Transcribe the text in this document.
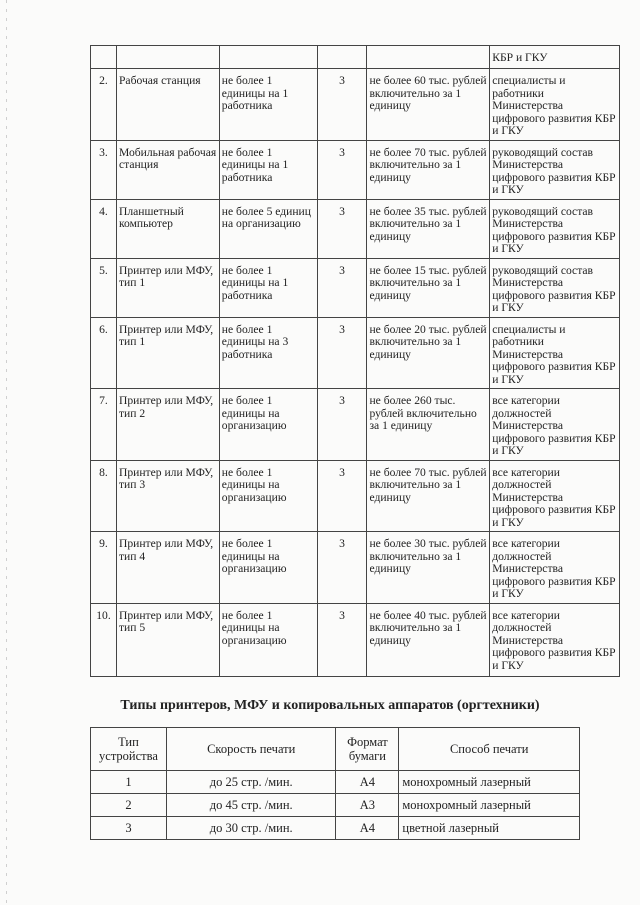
					КБР и ГКУ
2.	Рабочая станция	не более 1 единицы на 1 работника	3	не более 60 тыс. рублей включительно за 1 единицу	специалисты и работники Министерства цифрового развития КБР и ГКУ
3.	Мобильная рабочая станция	не более 1 единицы на 1 работника	3	не более 70 тыс. рублей включительно за 1 единицу	руководящий состав Министерства цифрового развития КБР и ГКУ
4.	Планшетный компьютер	не более 5 единиц на организацию	3	не более 35 тыс. рублей включительно за 1 единицу	руководящий состав Министерства цифрового развития КБР и ГКУ
5.	Принтер или МФУ, тип 1	не более 1 единицы на 1 работника	3	не более 15 тыс. рублей включительно за 1 единицу	руководящий состав Министерства цифрового развития КБР и ГКУ
6.	Принтер или МФУ, тип 1	не более 1 единицы на 3 работника	3	не более 20 тыс. рублей включительно за 1 единицу	специалисты и работники Министерства цифрового развития КБР и ГКУ
7.	Принтер или МФУ, тип 2	не более 1 единицы на организацию	3	не более 260 тыс. рублей включительно за 1 единицу	все категории должностей Министерства цифрового развития КБР и ГКУ
8.	Принтер или МФУ, тип 3	не более 1 единицы на организацию	3	не более 70 тыс. рублей включительно за 1 единицу	все категории должностей Министерства цифрового развития КБР и ГКУ
9.	Принтер или МФУ, тип 4	не более 1 единицы на организацию	3	не более 30 тыс. рублей включительно за 1 единицу	все категории должностей Министерства цифрового развития КБР и ГКУ
10.	Принтер или МФУ, тип 5	не более 1 единицы на организацию	3	не более 40 тыс. рублей включительно за 1 единицу	все категории должностей Министерства цифрового развития КБР и ГКУ
Типы принтеров, МФУ и копировальных аппаратов (оргтехники)
Тип устройства	Скорость печати	Формат бумаги	Способ печати
1	до 25 стр. /мин.	А4	монохромный лазерный
2	до 45 стр. /мин.	А3	монохромный лазерный
3	до 30 стр. /мин.	А4	цветной лазерный
